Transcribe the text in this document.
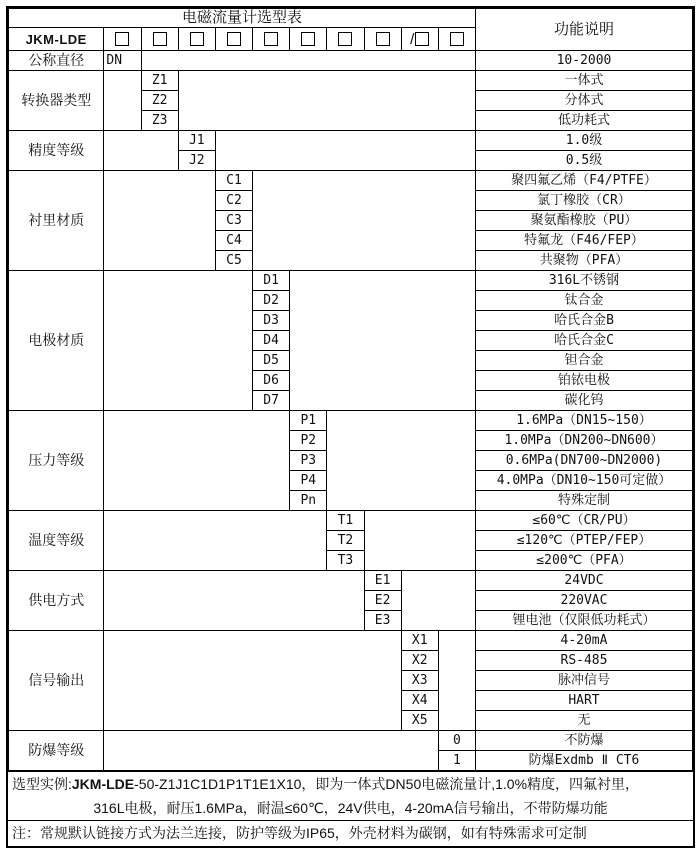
电磁流量计选型表											功能说明
JKM-LDE									/		
公称直径	DN										10-2000
转换器类型		Z1									一体式
		Z2									分体式
		Z3									低功耗式
精度等级			J1								1.0级
			J2								0.5级
衬里材质				C1							聚四氟乙烯（F4/PTFE）
				C2							氯丁橡胶（CR）
				C3							聚氨酯橡胶（PU）
				C4							特氟龙（F46/FEP）
				C5							共聚物（PFA）
电极材质					D1						316L不锈钢
					D2						钛合金
					D3						哈氏合金B
					D4						哈氏合金C
					D5						钽合金
					D6						铂铱电极
					D7						碳化钨
压力等级						P1					1.6MPa（DN15~150）
						P2					1.0MPa（DN200~DN600）
						P3					0.6MPa(DN700~DN2000)
						P4					4.0MPa（DN10~150可定做）
						Pn					特殊定制
温度等级							T1				≤60℃（CR/PU）
							T2				≤120℃（PTEP/FEP）
							T3				≤200℃（PFA）
供电方式								E1			24VDC
								E2			220VAC
								E3			锂电池（仅限低功耗式）
信号输出									X1		4-20mA
									X2		RS-485
									X3		脉冲信号
									X4		HART
									X5		无
防爆等级										0	不防爆
										1	防爆Exdmb Ⅱ CT6
选型实例:JKM-LDE-50-Z1J1C1D1P1T1E1X10，即为一体式DN50电磁流量计,1.0%精度，四氟衬里，
316L电极，耐压1.6MPa，耐温≤60℃，24V供电，4-20mA信号输出，不带防爆功能
注：常规默认链接方式为法兰连接，防护等级为IP65，外壳材料为碳钢，如有特殊需求可定制
